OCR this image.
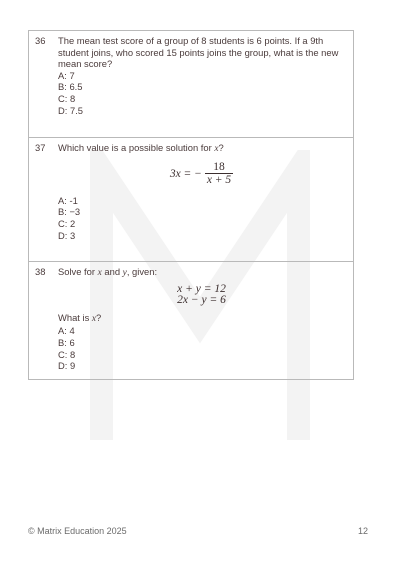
36 The mean test score of a group of 8 students is 6 points. If a 9th student joins, who scored 15 points joins the group, what is the new mean score?
A: 7
B: 6.5
C: 8
D: 7.5
37 Which value is a possible solution for x?
3x = − $\frac{18}{x + 5}$
A: -1
B: −3
C: 2
D: 3
38 Solve for x and y, given:
x + y = 12
2x − y = 6
What is x?
A: 4
B: 6
C: 8
D: 9
© Matrix Education 2025	12
